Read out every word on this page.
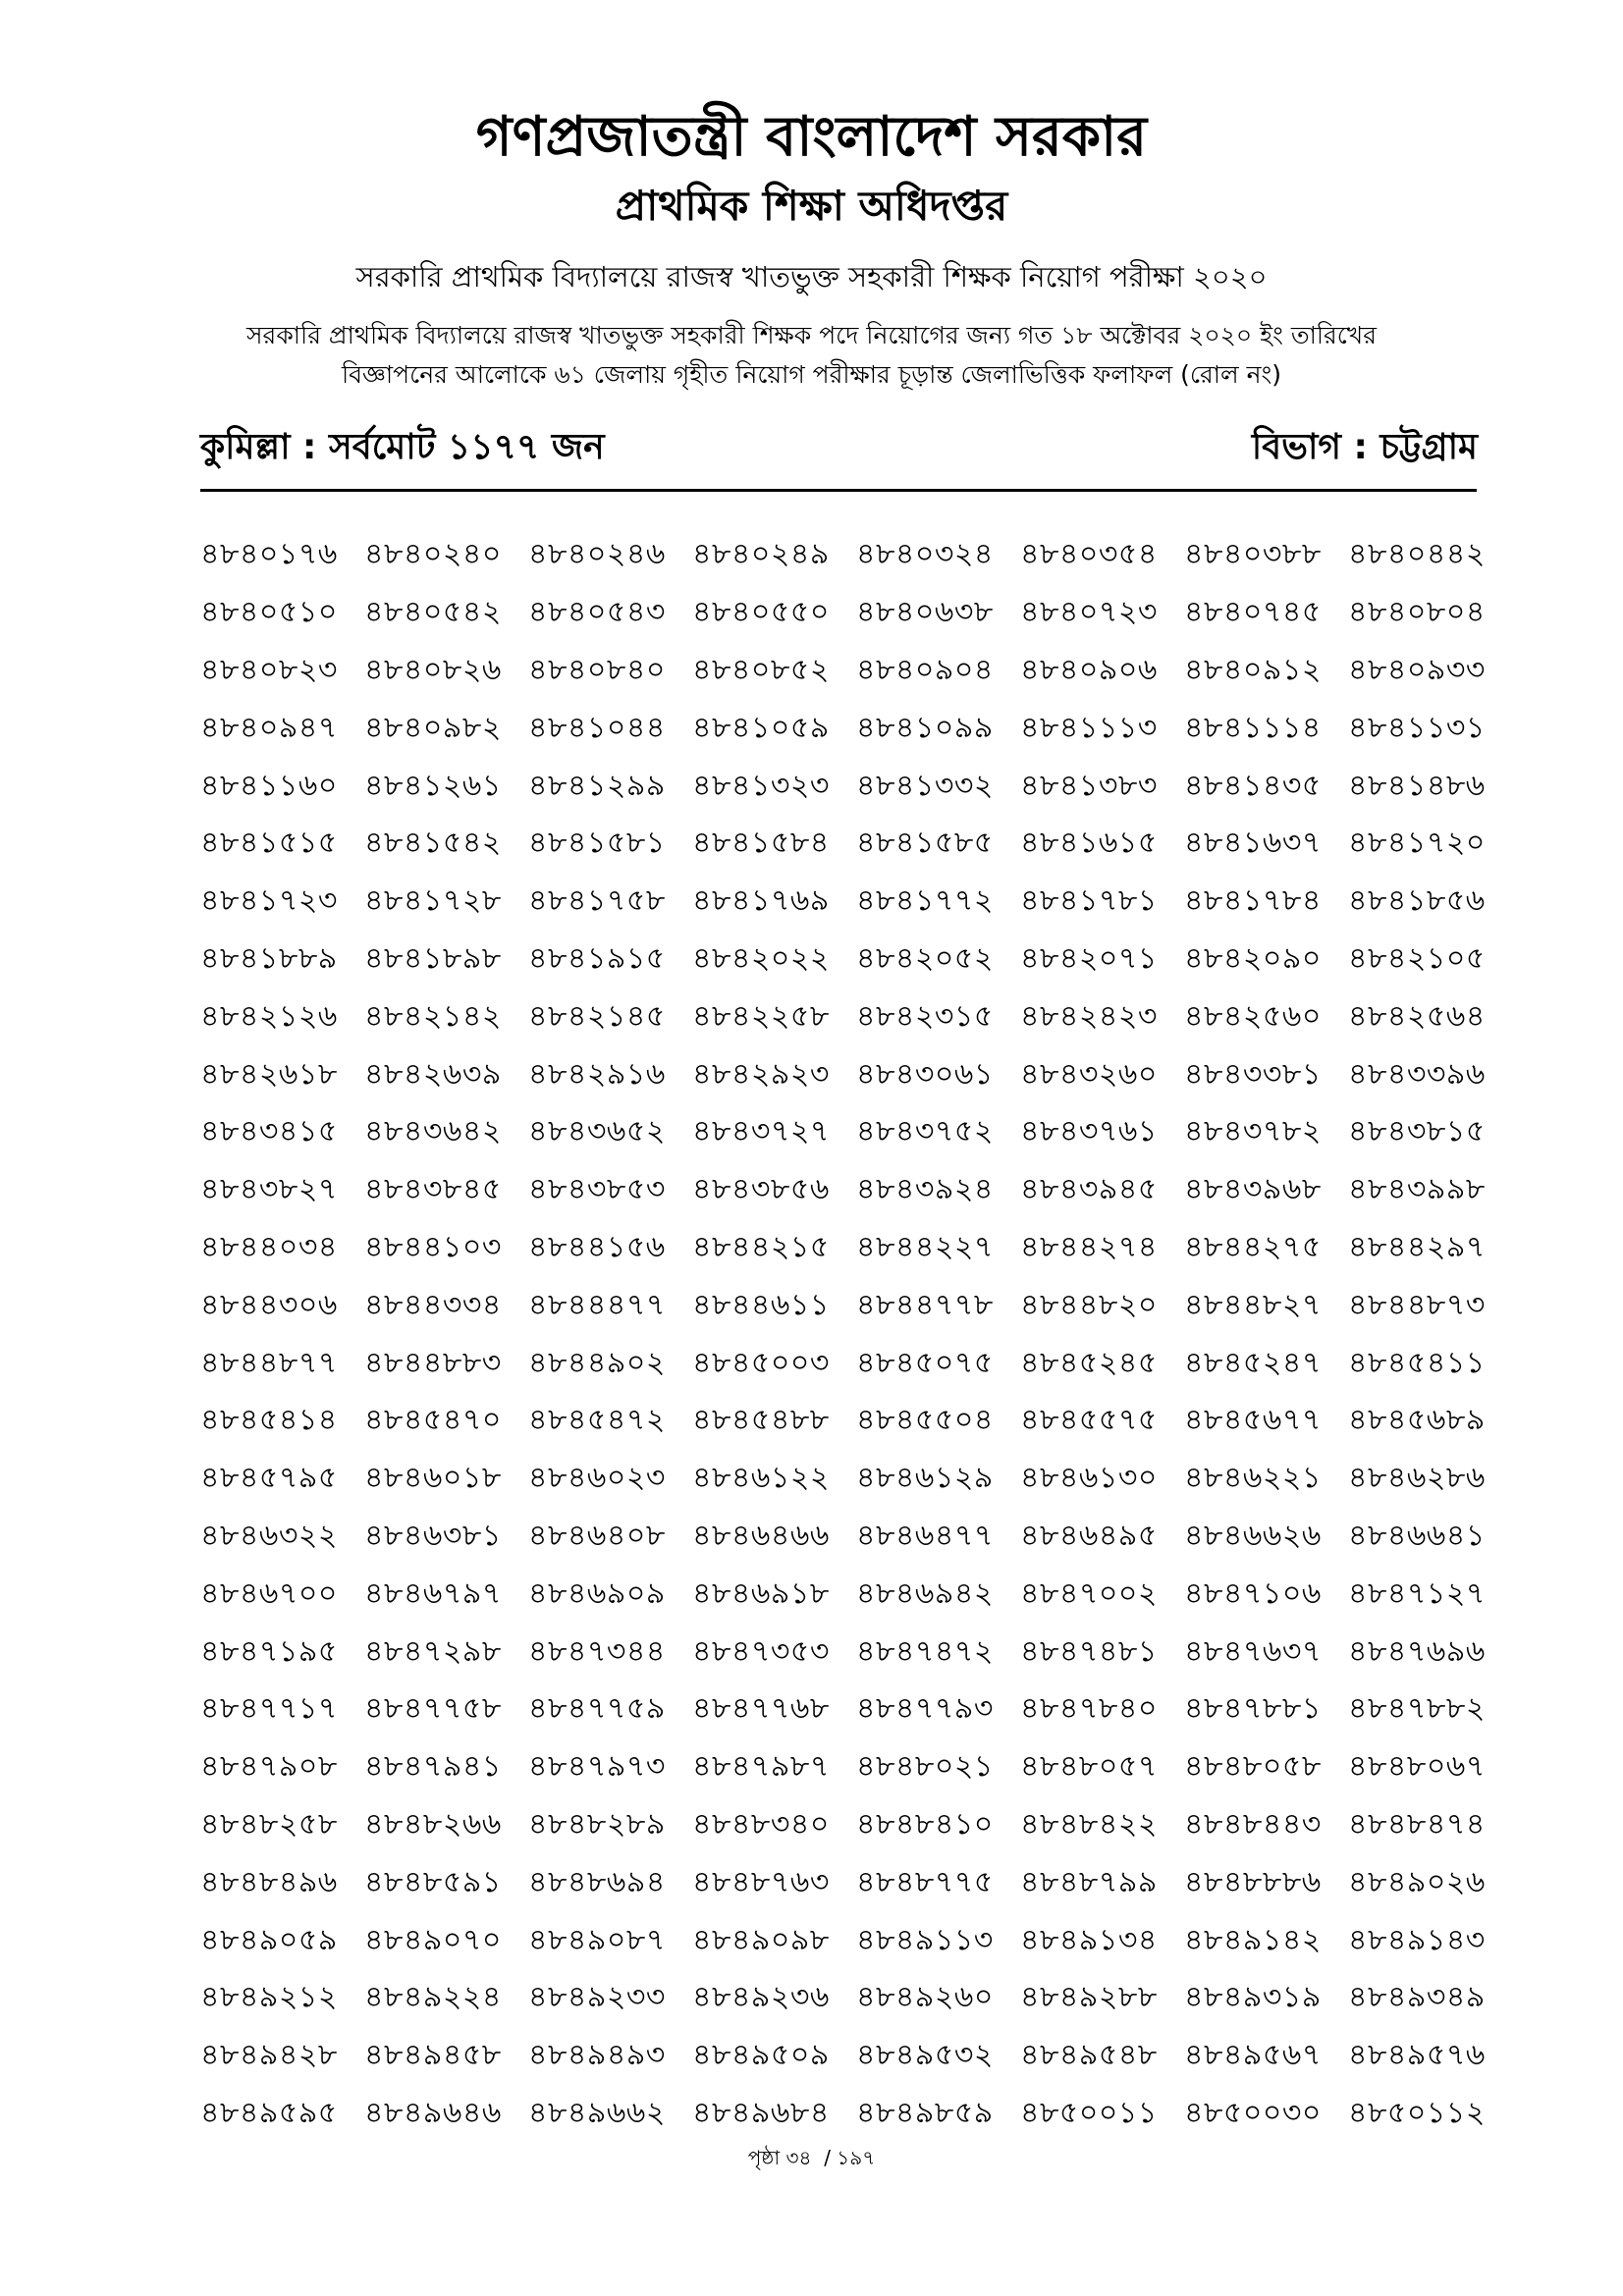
গণপ্রজাতন্ত্রী বাংলাদেশ সরকার
প্রাথমিক শিক্ষা অধিদপ্তর
সরকারি প্রাথমিক বিদ্যালয়ে রাজস্ব খাতভুক্ত সহকারী শিক্ষক নিয়োগ পরীক্ষা ২০২০
সরকারি প্রাথমিক বিদ্যালয়ে রাজস্ব খাতভুক্ত সহকারী শিক্ষক পদে নিয়োগের জন্য গত ১৮ অক্টোবর ২০২০ ইং তারিখের
বিজ্ঞাপনের আলোকে ৬১ জেলায় গৃহীত নিয়োগ পরীক্ষার চূড়ান্ত জেলাভিত্তিক ফলাফল (রোল নং)
কুমিল্লা : সর্বমোট ১১৭৭ জন	বিভাগ : চট্টগ্রাম
৪৮৪০১৭৬ ৪৮৪০২৪০ ৪৮৪০২৪৬ ৪৮৪০২৪৯ ৪৮৪০৩২৪ ৪৮৪০৩৫৪ ৪৮৪০৩৮৮ ৪৮৪০৪৪২
৪৮৪০৫১০ ৪৮৪০৫৪২ ৪৮৪০৫৪৩ ৪৮৪০৫৫০ ৪৮৪০৬৩৮ ৪৮৪০৭২৩ ৪৮৪০৭৪৫ ৪৮৪০৮০৪
৪৮৪০৮২৩ ৪৮৪০৮২৬ ৪৮৪০৮৪০ ৪৮৪০৮৫২ ৪৮৪০৯০৪ ৪৮৪০৯০৬ ৪৮৪০৯১২ ৪৮৪০৯৩৩
৪৮৪০৯৪৭ ৪৮৪০৯৮২ ৪৮৪১০৪৪ ৪৮৪১০৫৯ ৪৮৪১০৯৯ ৪৮৪১১১৩ ৪৮৪১১১৪ ৪৮৪১১৩১
৪৮৪১১৬০ ৪৮৪১২৬১ ৪৮৪১২৯৯ ৪৮৪১৩২৩ ৪৮৪১৩৩২ ৪৮৪১৩৮৩ ৪৮৪১৪৩৫ ৪৮৪১৪৮৬
৪৮৪১৫১৫ ৪৮৪১৫৪২ ৪৮৪১৫৮১ ৪৮৪১৫৮৪ ৪৮৪১৫৮৫ ৪৮৪১৬১৫ ৪৮৪১৬৩৭ ৪৮৪১৭২০
৪৮৪১৭২৩ ৪৮৪১৭২৮ ৪৮৪১৭৫৮ ৪৮৪১৭৬৯ ৪৮৪১৭৭২ ৪৮৪১৭৮১ ৪৮৪১৭৮৪ ৪৮৪১৮৫৬
৪৮৪১৮৮৯ ৪৮৪১৮৯৮ ৪৮৪১৯১৫ ৪৮৪২০২২ ৪৮৪২০৫২ ৪৮৪২০৭১ ৪৮৪২০৯০ ৪৮৪২১০৫
৪৮৪২১২৬ ৪৮৪২১৪২ ৪৮৪২১৪৫ ৪৮৪২২৫৮ ৪৮৪২৩১৫ ৪৮৪২৪২৩ ৪৮৪২৫৬০ ৪৮৪২৫৬৪
৪৮৪২৬১৮ ৪৮৪২৬৩৯ ৪৮৪২৯১৬ ৪৮৪২৯২৩ ৪৮৪৩০৬১ ৪৮৪৩২৬০ ৪৮৪৩৩৮১ ৪৮৪৩৩৯৬
৪৮৪৩৪১৫ ৪৮৪৩৬৪২ ৪৮৪৩৬৫২ ৪৮৪৩৭২৭ ৪৮৪৩৭৫২ ৪৮৪৩৭৬১ ৪৮৪৩৭৮২ ৪৮৪৩৮১৫
৪৮৪৩৮২৭ ৪৮৪৩৮৪৫ ৪৮৪৩৮৫৩ ৪৮৪৩৮৫৬ ৪৮৪৩৯২৪ ৪৮৪৩৯৪৫ ৪৮৪৩৯৬৮ ৪৮৪৩৯৯৮
৪৮৪৪০৩৪ ৪৮৪৪১০৩ ৪৮৪৪১৫৬ ৪৮৪৪২১৫ ৪৮৪৪২২৭ ৪৮৪৪২৭৪ ৪৮৪৪২৭৫ ৪৮৪৪২৯৭
৪৮৪৪৩০৬ ৪৮৪৪৩৩৪ ৪৮৪৪৪৭৭ ৪৮৪৪৬১১ ৪৮৪৪৭৭৮ ৪৮৪৪৮২০ ৪৮৪৪৮২৭ ৪৮৪৪৮৭৩
৪৮৪৪৮৭৭ ৪৮৪৪৮৮৩ ৪৮৪৪৯০২ ৪৮৪৫০০৩ ৪৮৪৫০৭৫ ৪৮৪৫২৪৫ ৪৮৪৫২৪৭ ৪৮৪৫৪১১
৪৮৪৫৪১৪ ৪৮৪৫৪৭০ ৪৮৪৫৪৭২ ৪৮৪৫৪৮৮ ৪৮৪৫৫০৪ ৪৮৪৫৫৭৫ ৪৮৪৫৬৭৭ ৪৮৪৫৬৮৯
৪৮৪৫৭৯৫ ৪৮৪৬০১৮ ৪৮৪৬০২৩ ৪৮৪৬১২২ ৪৮৪৬১২৯ ৪৮৪৬১৩০ ৪৮৪৬২২১ ৪৮৪৬২৮৬
৪৮৪৬৩২২ ৪৮৪৬৩৮১ ৪৮৪৬৪০৮ ৪৮৪৬৪৬৬ ৪৮৪৬৪৭৭ ৪৮৪৬৪৯৫ ৪৮৪৬৬২৬ ৪৮৪৬৬৪১
৪৮৪৬৭০০ ৪৮৪৬৭৯৭ ৪৮৪৬৯০৯ ৪৮৪৬৯১৮ ৪৮৪৬৯৪২ ৪৮৪৭০০২ ৪৮৪৭১০৬ ৪৮৪৭১২৭
৪৮৪৭১৯৫ ৪৮৪৭২৯৮ ৪৮৪৭৩৪৪ ৪৮৪৭৩৫৩ ৪৮৪৭৪৭২ ৪৮৪৭৪৮১ ৪৮৪৭৬৩৭ ৪৮৪৭৬৯৬
৪৮৪৭৭১৭ ৪৮৪৭৭৫৮ ৪৮৪৭৭৫৯ ৪৮৪৭৭৬৮ ৪৮৪৭৭৯৩ ৪৮৪৭৮৪০ ৪৮৪৭৮৮১ ৪৮৪৭৮৮২
৪৮৪৭৯০৮ ৪৮৪৭৯৪১ ৪৮৪৭৯৭৩ ৪৮৪৭৯৮৭ ৪৮৪৮০২১ ৪৮৪৮০৫৭ ৪৮৪৮০৫৮ ৪৮৪৮০৬৭
৪৮৪৮২৫৮ ৪৮৪৮২৬৬ ৪৮৪৮২৮৯ ৪৮৪৮৩৪০ ৪৮৪৮৪১০ ৪৮৪৮৪২২ ৪৮৪৮৪৪৩ ৪৮৪৮৪৭৪
৪৮৪৮৪৯৬ ৪৮৪৮৫৯১ ৪৮৪৮৬৯৪ ৪৮৪৮৭৬৩ ৪৮৪৮৭৭৫ ৪৮৪৮৭৯৯ ৪৮৪৮৮৮৬ ৪৮৪৯০২৬
৪৮৪৯০৫৯ ৪৮৪৯০৭০ ৪৮৪৯০৮৭ ৪৮৪৯০৯৮ ৪৮৪৯১১৩ ৪৮৪৯১৩৪ ৪৮৪৯১৪২ ৪৮৪৯১৪৩
৪৮৪৯২১২ ৪৮৪৯২২৪ ৪৮৪৯২৩৩ ৪৮৪৯২৩৬ ৪৮৪৯২৬০ ৪৮৪৯২৮৮ ৪৮৪৯৩১৯ ৪৮৪৯৩৪৯
৪৮৪৯৪২৮ ৪৮৪৯৪৫৮ ৪৮৪৯৪৯৩ ৪৮৪৯৫০৯ ৪৮৪৯৫৩২ ৪৮৪৯৫৪৮ ৪৮৪৯৫৬৭ ৪৮৪৯৫৭৬
৪৮৪৯৫৯৫ ৪৮৪৯৬৪৬ ৪৮৪৯৬৬২ ৪৮৪৯৬৮৪ ৪৮৪৯৮৫৯ ৪৮৫০০১১ ৪৮৫০০৩০ ৪৮৫০১১২
পৃষ্ঠা ৩৪  / ১৯৭
